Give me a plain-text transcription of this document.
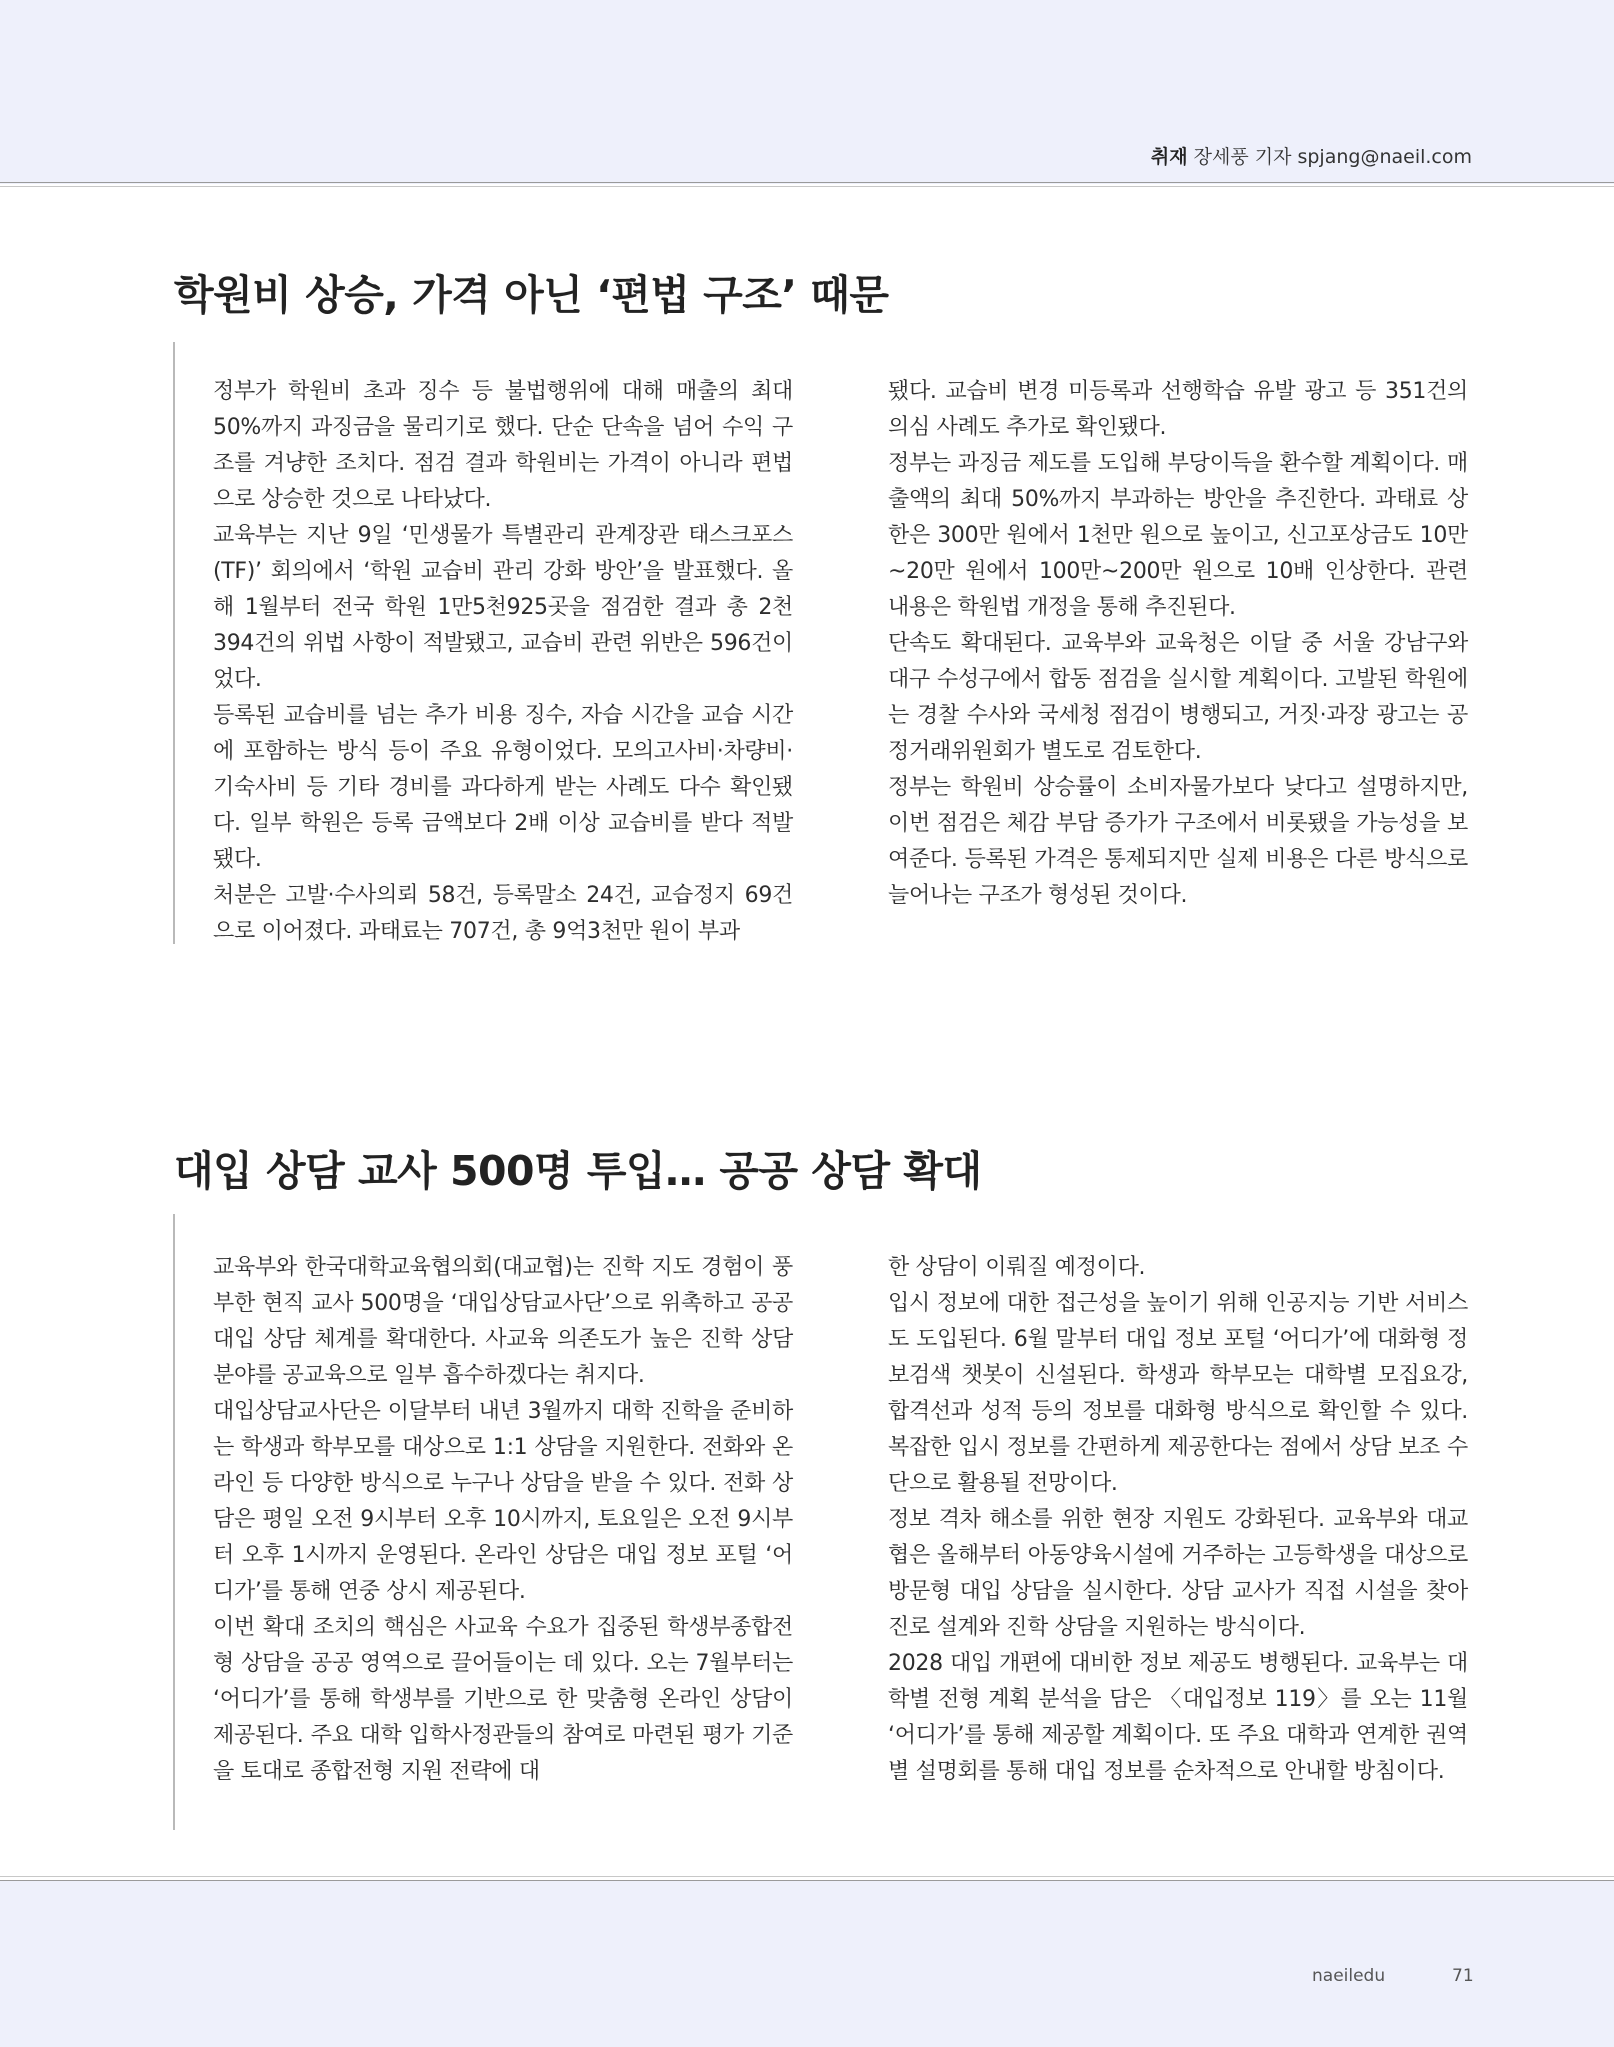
취재 장세풍 기자 spjang@naeil.com
학원비 상승, 가격 아닌 ‘편법 구조’ 때문

정부가 학원비 초과 징수 등 불법행위에 대해 매출의 최대 50%까지 과징금을 물리기로 했다. 단순 단속을 넘어 수익 구조를 겨냥한 조치다. 점검 결과 학원비는 가격이 아니라 편법으로 상승한 것으로 나타났다.

교육부는 지난 9일 ‘민생물가 특별관리 관계장관 태스크포스(TF)’ 회의에서 ‘학원 교습비 관리 강화 방안’을 발표했다. 올해 1월부터 전국 학원 1만5천925곳을 점검한 결과 총 2천394건의 위법 사항이 적발됐고, 교습비 관련 위반은 596건이었다.

등록된 교습비를 넘는 추가 비용 징수, 자습 시간을 교습 시간에 포함하는 방식 등이 주요 유형이었다. 모의고사비·차량비·기숙사비 등 기타 경비를 과다하게 받는 사례도 다수 확인됐다. 일부 학원은 등록 금액보다 2배 이상 교습비를 받다 적발됐다.

처분은 고발·수사의뢰 58건, 등록말소 24건, 교습정지 69건으로 이어졌다. 과태료는 707건, 총 9억3천만 원이 부과

됐다. 교습비 변경 미등록과 선행학습 유발 광고 등 351건의 의심 사례도 추가로 확인됐다.

정부는 과징금 제도를 도입해 부당이득을 환수할 계획이다. 매출액의 최대 50%까지 부과하는 방안을 추진한다. 과태료 상한은 300만 원에서 1천만 원으로 높이고, 신고포상금도 10만~20만 원에서 100만~200만 원으로 10배 인상한다. 관련 내용은 학원법 개정을 통해 추진된다.

단속도 확대된다. 교육부와 교육청은 이달 중 서울 강남구와 대구 수성구에서 합동 점검을 실시할 계획이다. 고발된 학원에는 경찰 수사와 국세청 점검이 병행되고, 거짓·과장 광고는 공정거래위원회가 별도로 검토한다.

정부는 학원비 상승률이 소비자물가보다 낮다고 설명하지만, 이번 점검은 체감 부담 증가가 구조에서 비롯됐을 가능성을 보여준다. 등록된 가격은 통제되지만 실제 비용은 다른 방식으로 늘어나는 구조가 형성된 것이다.

대입 상담 교사 500명 투입… 공공 상담 확대

교육부와 한국대학교육협의회(대교협)는 진학 지도 경험이 풍부한 현직 교사 500명을 ‘대입상담교사단’으로 위촉하고 공공 대입 상담 체계를 확대한다. 사교육 의존도가 높은 진학 상담 분야를 공교육으로 일부 흡수하겠다는 취지다.

대입상담교사단은 이달부터 내년 3월까지 대학 진학을 준비하는 학생과 학부모를 대상으로 1:1 상담을 지원한다. 전화와 온라인 등 다양한 방식으로 누구나 상담을 받을 수 있다. 전화 상담은 평일 오전 9시부터 오후 10시까지, 토요일은 오전 9시부터 오후 1시까지 운영된다. 온라인 상담은 대입 정보 포털 ‘어디가’를 통해 연중 상시 제공된다.

이번 확대 조치의 핵심은 사교육 수요가 집중된 학생부종합전형 상담을 공공 영역으로 끌어들이는 데 있다. 오는 7월부터는 ‘어디가’를 통해 학생부를 기반으로 한 맞춤형 온라인 상담이 제공된다. 주요 대학 입학사정관들의 참여로 마련된 평가 기준을 토대로 종합전형 지원 전략에 대

한 상담이 이뤄질 예정이다.

입시 정보에 대한 접근성을 높이기 위해 인공지능 기반 서비스도 도입된다. 6월 말부터 대입 정보 포털 ‘어디가’에 대화형 정보검색 챗봇이 신설된다. 학생과 학부모는 대학별 모집요강, 합격선과 성적 등의 정보를 대화형 방식으로 확인할 수 있다. 복잡한 입시 정보를 간편하게 제공한다는 점에서 상담 보조 수단으로 활용될 전망이다.

정보 격차 해소를 위한 현장 지원도 강화된다. 교육부와 대교협은 올해부터 아동양육시설에 거주하는 고등학생을 대상으로 방문형 대입 상담을 실시한다. 상담 교사가 직접 시설을 찾아 진로 설계와 진학 상담을 지원하는 방식이다.

2028 대입 개편에 대비한 정보 제공도 병행된다. 교육부는 대학별 전형 계획 분석을 담은 〈대입정보 119〉를 오는 11월 ‘어디가’를 통해 제공할 계획이다. 또 주요 대학과 연계한 권역별 설명회를 통해 대입 정보를 순차적으로 안내할 방침이다.

naeiledu	71
